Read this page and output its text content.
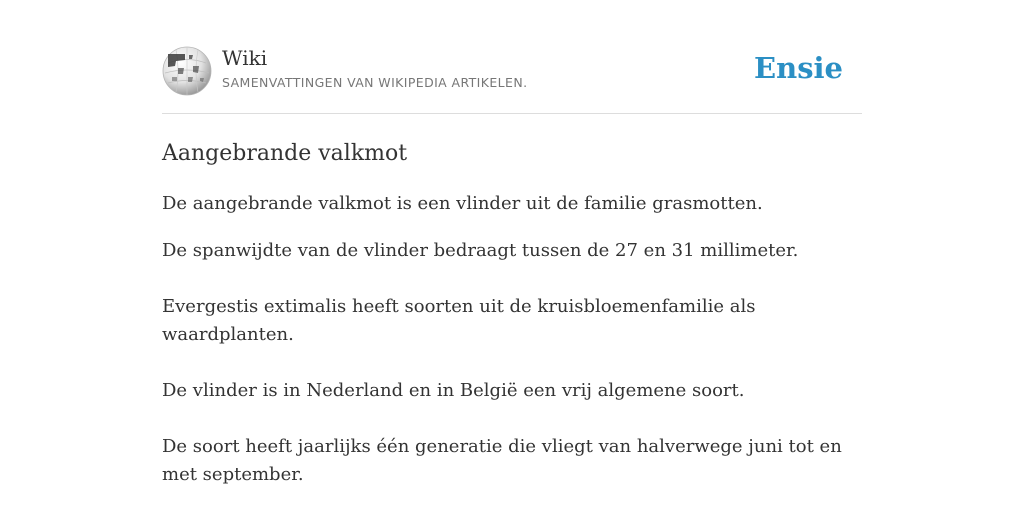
Wiki
SAMENVATTINGEN VAN WIKIPEDIA ARTIKELEN.	Ensie
Aangebrande valkmot

De aangebrande valkmot is een vlinder uit de familie grasmotten.

De spanwijdte van de vlinder bedraagt tussen de 27 en 31 millimeter.

Evergestis extimalis heeft soorten uit de kruisbloemenfamilie als waardplanten.

De vlinder is in Nederland en in België een vrij algemene soort.

De soort heeft jaarlijks één generatie die vliegt van halverwege juni tot en met september.
